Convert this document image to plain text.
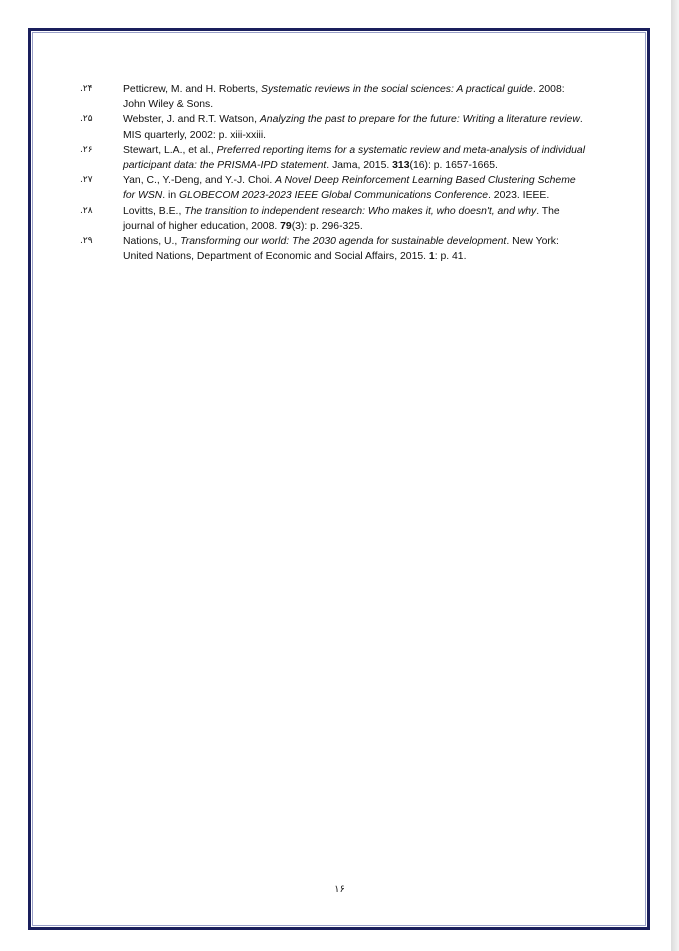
۲۴.	Petticrew, M. and H. Roberts, Systematic reviews in the social sciences: A practical guide. 2008: John Wiley & Sons.
۲۵.	Webster, J. and R.T. Watson, Analyzing the past to prepare for the future: Writing a literature review. MIS quarterly, 2002: p. xiii-xxiii.
۲۶.	Stewart, L.A., et al., Preferred reporting items for a systematic review and meta-analysis of individual participant data: the PRISMA-IPD statement. Jama, 2015. 313(16): p. 1657-1665.
۲۷.	Yan, C., Y.-Deng, and Y.-J. Choi. A Novel Deep Reinforcement Learning Based Clustering Scheme for WSN. in GLOBECOM 2023-2023 IEEE Global Communications Conference. 2023. IEEE.
۲۸.	Lovitts, B.E., The transition to independent research: Who makes it, who doesn't, and why. The journal of higher education, 2008. 79(3): p. 296-325.
۲۹.	Nations, U., Transforming our world: The 2030 agenda for sustainable development. New York: United Nations, Department of Economic and Social Affairs, 2015. 1: p. 41.
۱۶
